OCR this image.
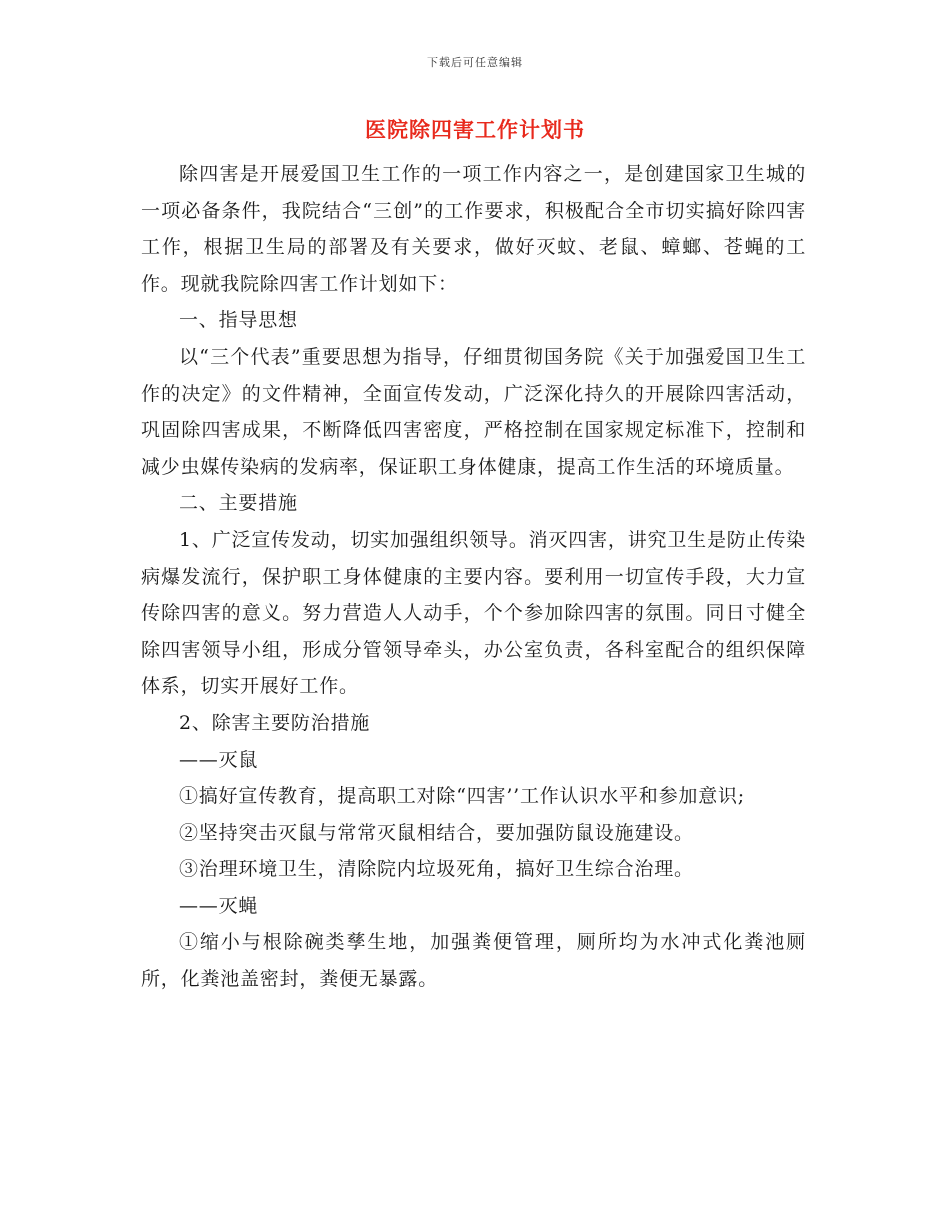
下载后可任意编辑
医院除四害工作计划书

除四害是开展爱国卫生工作的一项工作内容之一，是创建国家卫生城的一项必备条件，我院结合“三创”的工作要求，积极配合全市切实搞好除四害工作，根据卫生局的部署及有关要求，做好灭蚊、老鼠、蟑螂、苍蝇的工作。现就我院除四害工作计划如下：

一、指导思想

以“三个代表”重要思想为指导，仔细贯彻国务院《关于加强爱国卫生工作的决定》的文件精神，全面宣传发动，广泛深化持久的开展除四害活动，巩固除四害成果，不断降低四害密度，严格控制在国家规定标准下，控制和减少虫媒传染病的发病率，保证职工身体健康，提高工作生活的环境质量。

二、主要措施

1、广泛宣传发动，切实加强组织领导。消灭四害，讲究卫生是防止传染病爆发流行，保护职工身体健康的主要内容。要利用一切宣传手段，大力宣传除四害的意义。努力营造人人动手，个个参加除四害的氛围。同日寸健全除四害领导小组，形成分管领导牵头，办公室负责，各科室配合的组织保障体系，切实开展好工作。

2、除害主要防治措施

——灭鼠

①搞好宣传教育，提高职工对除“四害’’工作认识水平和参加意识;

②坚持突击灭鼠与常常灭鼠相结合，要加强防鼠设施建设。

③治理环境卫生，清除院内垃圾死角，搞好卫生综合治理。

——灭蝇

①缩小与根除碗类孳生地，加强粪便管理，厕所均为水冲式化粪池厕所，化粪池盖密封，粪便无暴露。
